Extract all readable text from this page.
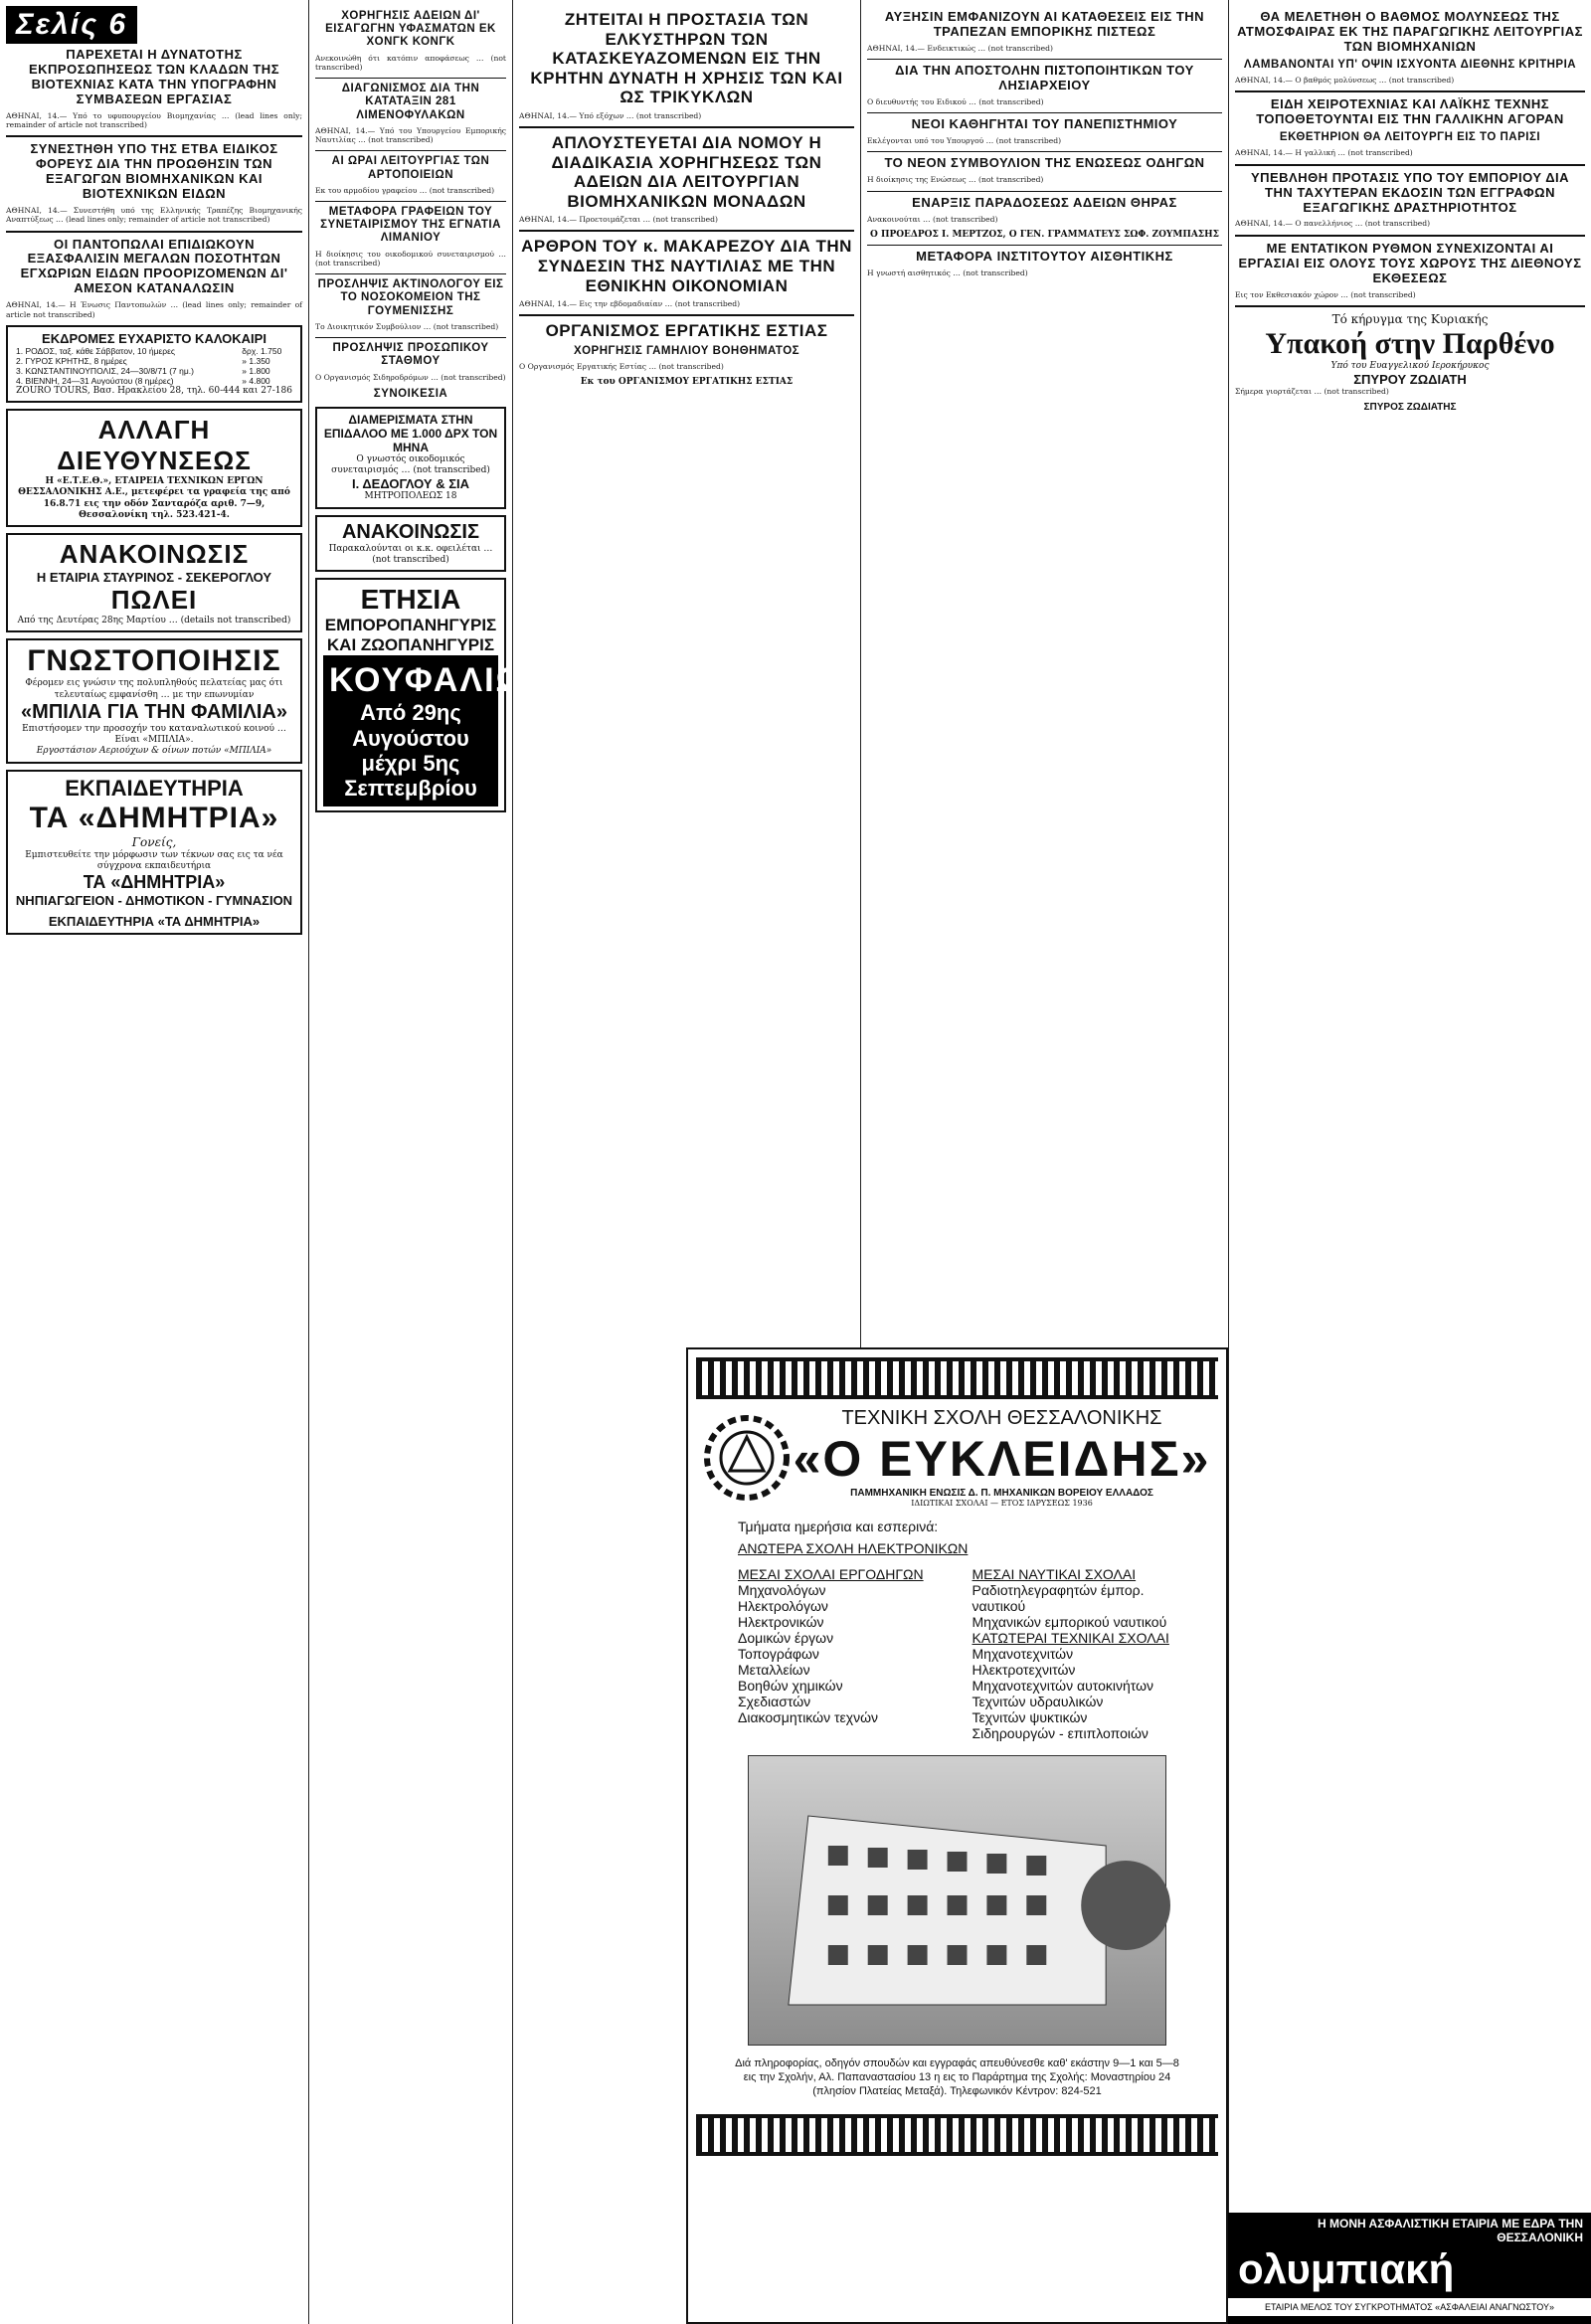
Σελίς 6
ΠΑΡΕΧΕΤΑΙ Η ΔΥΝΑΤΟΤΗΣ ΕΚΠΡΟΣΩΠΗΣΕΩΣ ΤΩΝ ΚΛΑΔΩΝ ΤΗΣ ΒΙΟΤΕΧΝΙΑΣ ΚΑΤΑ ΤΗΝ ΥΠΟΓΡΑΦΗΝ ΣΥΜΒΑΣΕΩΝ ΕΡΓΑΣΙΑΣ

ΑΘΗΝΑΙ, 14.— Υπό το υφυπουργείου Βιομηχανίας … (lead lines only; remainder of article not transcribed)

ΣΥΝΕΣΤΗΘΗ ΥΠΟ ΤΗΣ ΕΤΒΑ ΕΙΔΙΚΟΣ ΦΟΡΕΥΣ ΔΙΑ ΤΗΝ ΠΡΟΩΘΗΣΙΝ ΤΩΝ ΕΞΑΓΩΓΩΝ ΒΙΟΜΗΧΑΝΙΚΩΝ ΚΑΙ ΒΙΟΤΕΧΝΙΚΩΝ ΕΙΔΩΝ

ΑΘΗΝΑΙ, 14.— Συνεστήθη υπό της Ελληνικής Τραπέζης Βιομηχανικής Αναπτύξεως … (lead lines only; remainder of article not transcribed)

ΟΙ ΠΑΝΤΟΠΩΛΑΙ ΕΠΙΔΙΩΚΟΥΝ ΕΞΑΣΦΑΛΙΣΙΝ ΜΕΓΑΛΩΝ ΠΟΣΟΤΗΤΩΝ ΕΓΧΩΡΙΩΝ ΕΙΔΩΝ ΠΡΟΟΡΙΖΟΜΕΝΩΝ ΔΙ' ΑΜΕΣΟΝ ΚΑΤΑΝΑΛΩΣΙΝ

ΑΘΗΝΑΙ, 14.— Η Ένωσις Παντοπωλών … (lead lines only; remainder of article not transcribed)

ΕΚΔΡΟΜΕΣ ΕΥΧΑΡΙΣΤΟ ΚΑΛΟΚΑΙΡΙ
1. ΡΟΔΟΣ, ταξ. κάθε Σάββατον, 10 ήμερες	δρχ. 1.750
2. ΓΥΡΟΣ ΚΡΗΤΗΣ, 8 ημέρες	» 1.350
3. ΚΩΝΣΤΑΝΤΙΝΟΥΠΟΛΙΣ, 24—30/8/71 (7 ημ.)	» 1.800
4. ΒΙΕΝΝΗ, 24—31 Αυγούστου (8 ημέρες)	» 4.800
ZOURO TOURS, Βασ. Ηρακλείου 28, τηλ. 60-444 και 27-186
ΑΛΛΑΓΗ ΔΙΕΥΘΥΝΣΕΩΣ
Η «Ε.Τ.Ε.Θ.», ΕΤΑΙΡΕΙΑ ΤΕΧΝΙΚΩΝ ΕΡΓΩΝ ΘΕΣΣΑΛΟΝΙΚΗΣ Α.Ε., μετεφέρει τα γραφεία της από 16.8.71 εις την οδόν Σανταρόζα αριθ. 7—9, Θεσσαλονίκη τηλ. 523.421-4.
ΑΝΑΚΟΙΝΩΣΙΣ
Η ΕΤΑΙΡΙΑ ΣΤΑΥΡΙΝΟΣ - ΣΕΚΕΡΟΓΛΟΥ
ΠΩΛΕΙ
Από της Δευτέρας 28ης Μαρτίου … (details not transcribed)
ΓΝΩΣΤΟΠΟΙΗΣΙΣ
Φέρομεν εις γνώσιν της πολυπληθούς πελατείας μας ότι τελευταίως εμφανίσθη … με την επωνυμίαν
«ΜΠΙΛΙΑ ΓΙΑ ΤΗΝ ΦΑΜΙΛΙΑ»
Επιστήσομεν την προσοχήν του καταναλωτικού κοινού … Είναι «ΜΠΙΛΙΑ».
Εργοστάσιον Αεριούχων & οίνων ποτών «ΜΠΙΛΙΑ»
ΕΚΠΑΙΔΕΥΤΗΡΙΑ
ΤΑ «ΔΗΜΗΤΡΙΑ»
Γονείς,
Εμπιστευθείτε την μόρφωσιν των τέκνων σας εις τα νέα σύγχρονα εκπαιδευτήρια
ΤΑ «ΔΗΜΗΤΡΙΑ»
ΝΗΠΙΑΓΩΓΕΙΟΝ - ΔΗΜΟΤΙΚΟΝ - ΓΥΜΝΑΣΙΟΝ
ΕΚΠΑΙΔΕΥΤΗΡΙΑ «ΤΑ ΔΗΜΗΤΡΙΑ»
ΧΟΡΗΓΗΣΙΣ ΑΔΕΙΩΝ ΔΙ' ΕΙΣΑΓΩΓΗΝ ΥΦΑΣΜΑΤΩΝ ΕΚ ΧΟΝΓΚ ΚΟΝΓΚ

Ανεκοινώθη ότι κατόπιν αποφάσεως … (not transcribed)

ΔΙΑΓΩΝΙΣΜΟΣ ΔΙΑ ΤΗΝ ΚΑΤΑΤΑΞΙΝ 281 ΛΙΜΕΝΟΦΥΛΑΚΩΝ

ΑΘΗΝΑΙ, 14.— Υπό του Υπουργείου Εμπορικής Ναυτιλίας … (not transcribed)

ΑΙ ΩΡΑΙ ΛΕΙΤΟΥΡΓΙΑΣ ΤΩΝ ΑΡΤΟΠΟΙΕΙΩΝ

Εκ του αρμοδίου γραφείου … (not transcribed)

ΜΕΤΑΦΟΡΑ ΓΡΑΦΕΙΩΝ ΤΟΥ ΣΥΝΕΤΑΙΡΙΣΜΟΥ ΤΗΣ ΕΓΝΑΤΙΑ ΛΙΜΑΝΙΟΥ

Η διοίκησις του οικοδομικού συνεταιρισμού … (not transcribed)

ΠΡΟΣΛΗΨΙΣ ΑΚΤΙΝΟΛΟΓΟΥ ΕΙΣ ΤΟ ΝΟΣΟΚΟΜΕΙΟΝ ΤΗΣ ΓΟΥΜΕΝΙΣΣΗΣ

Το Διοικητικόν Συμβούλιον … (not transcribed)

ΠΡΟΣΛΗΨΙΣ ΠΡΟΣΩΠΙΚΟΥ ΣΤΑΘΜΟΥ

Ο Οργανισμός Σιδηροδρόμων … (not transcribed)

ΣΥΝΟΙΚΕΣΙΑ
ΔΙΑΜΕΡΙΣΜΑΤΑ ΣΤΗΝ ΕΠΙΔΑΛΟΟ ΜΕ 1.000 ΔΡΧ ΤΟΝ ΜΗΝΑ
Ο γνωστός οικοδομικός συνεταιρισμός … (not transcribed)
Ι. ΔΕΔΟΓΛΟΥ & ΣΙΑ
ΜΗΤΡΟΠΟΛΕΩΣ 18
ΑΝΑΚΟΙΝΩΣΙΣ
Παρακαλούνται οι κ.κ. οφειλέται … (not transcribed)
ΕΤΗΣΙΑ
ΕΜΠΟΡΟΠΑΝΗΓΥΡΙΣ ΚΑΙ ΖΩΟΠΑΝΗΓΥΡΙΣ
ΚΟΥΦΑΛΙΩΝ
Από 29ης Αυγούστου μέχρι 5ης Σεπτεμβρίου
ΖΗΤΕΙΤΑΙ Η ΠΡΟΣΤΑΣΙΑ ΤΩΝ ΕΛΚΥΣΤΗΡΩΝ ΤΩΝ ΚΑΤΑΣΚΕΥΑΖΟΜΕΝΩΝ ΕΙΣ ΤΗΝ ΚΡΗΤΗΝ ΔΥΝΑΤΗ Η ΧΡΗΣΙΣ ΤΩΝ ΚΑΙ ΩΣ ΤΡΙΚΥΚΛΩΝ

ΑΘΗΝΑΙ, 14.— Υπό εξόχων … (not transcribed)

ΑΠΛΟΥΣΤΕΥΕΤΑΙ ΔΙΑ ΝΟΜΟΥ Η ΔΙΑΔΙΚΑΣΙΑ ΧΟΡΗΓΗΣΕΩΣ ΤΩΝ ΑΔΕΙΩΝ ΔΙΑ ΛΕΙΤΟΥΡΓΙΑΝ ΒΙΟΜΗΧΑΝΙΚΩΝ ΜΟΝΑΔΩΝ

ΑΘΗΝΑΙ, 14.— Προετοιμάζεται … (not transcribed)

ΑΡΘΡΟΝ ΤΟΥ κ. ΜΑΚΑΡΕΖΟΥ ΔΙΑ ΤΗΝ ΣΥΝΔΕΣΙΝ ΤΗΣ ΝΑΥΤΙΛΙΑΣ ΜΕ ΤΗΝ ΕΘΝΙΚΗΝ ΟΙΚΟΝΟΜΙΑΝ

ΑΘΗΝΑΙ, 14.— Εις την εβδομαδιαίαν … (not transcribed)

ΟΡΓΑΝΙΣΜΟΣ ΕΡΓΑΤΙΚΗΣ ΕΣΤΙΑΣ
ΧΟΡΗΓΗΣΙΣ ΓΑΜΗΛΙΟΥ ΒΟΗΘΗΜΑΤΟΣ

Ο Οργανισμός Εργατικής Εστίας … (not transcribed)

Εκ του ΟΡΓΑΝΙΣΜΟΥ ΕΡΓΑΤΙΚΗΣ ΕΣΤΙΑΣ
ΑΥΞΗΣΙΝ ΕΜΦΑΝΙΖΟΥΝ ΑΙ ΚΑΤΑΘΕΣΕΙΣ ΕΙΣ ΤΗΝ ΤΡΑΠΕΖΑΝ ΕΜΠΟΡΙΚΗΣ ΠΙΣΤΕΩΣ

ΑΘΗΝΑΙ, 14.— Ενδεικτικώς … (not transcribed)

ΔΙΑ ΤΗΝ ΑΠΟΣΤΟΛΗΝ ΠΙΣΤΟΠΟΙΗΤΙΚΩΝ ΤΟΥ ΛΗΣΙΑΡΧΕΙΟΥ

Ο διευθυντής του Ειδικού … (not transcribed)

ΝΕΟΙ ΚΑΘΗΓΗΤΑΙ ΤΟΥ ΠΑΝΕΠΙΣΤΗΜΙΟΥ

Εκλέγονται υπό του Υπουργού … (not transcribed)

ΤΟ ΝΕΟΝ ΣΥΜΒΟΥΛΙΟΝ ΤΗΣ ΕΝΩΣΕΩΣ ΟΔΗΓΩΝ

Η διοίκησις της Ενώσεως … (not transcribed)

ΕΝΑΡΞΙΣ ΠΑΡΑΔΟΣΕΩΣ ΑΔΕΙΩΝ ΘΗΡΑΣ

Ανακοινούται … (not transcribed)

Ο ΠΡΟΕΔΡΟΣ Ι. ΜΕΡΤΖΟΣ, Ο ΓΕΝ. ΓΡΑΜΜΑΤΕΥΣ ΣΩΦ. ΖΟΥΜΠΑΣΗΣ
ΜΕΤΑΦΟΡΑ ΙΝΣΤΙΤΟΥΤΟΥ ΑΙΣΘΗΤΙΚΗΣ

Η γνωστή αισθητικός … (not transcribed)

ΘΑ ΜΕΛΕΤΗΘΗ Ο ΒΑΘΜΟΣ ΜΟΛΥΝΣΕΩΣ ΤΗΣ ΑΤΜΟΣΦΑΙΡΑΣ ΕΚ ΤΗΣ ΠΑΡΑΓΩΓΙΚΗΣ ΛΕΙΤΟΥΡΓΙΑΣ ΤΩΝ ΒΙΟΜΗΧΑΝΙΩΝ
ΛΑΜΒΑΝΟΝΤΑΙ ΥΠ' ΟΨΙΝ ΙΣΧΥΟΝΤΑ ΔΙΕΘΝΗΣ ΚΡΙΤΗΡΙΑ

ΑΘΗΝΑΙ, 14.— Ο βαθμός μολύνσεως … (not transcribed)

ΕΙΔΗ ΧΕΙΡΟΤΕΧΝΙΑΣ ΚΑΙ ΛΑΪΚΗΣ ΤΕΧΝΗΣ ΤΟΠΟΘΕΤΟΥΝΤΑΙ ΕΙΣ ΤΗΝ ΓΑΛΛΙΚΗΝ ΑΓΟΡΑΝ
ΕΚΘΕΤΗΡΙΟΝ ΘΑ ΛΕΙΤΟΥΡΓΗ ΕΙΣ ΤΟ ΠΑΡΙΣΙ

ΑΘΗΝΑΙ, 14.— Η γαλλική … (not transcribed)

ΥΠΕΒΛΗΘΗ ΠΡΟΤΑΣΙΣ ΥΠΟ ΤΟΥ ΕΜΠΟΡΙΟΥ ΔΙΑ ΤΗΝ ΤΑΧΥΤΕΡΑΝ ΕΚΔΟΣΙΝ ΤΩΝ ΕΓΓΡΑΦΩΝ ΕΞΑΓΩΓΙΚΗΣ ΔΡΑΣΤΗΡΙΟΤΗΤΟΣ

ΑΘΗΝΑΙ, 14.— Ο πανελλήνιος … (not transcribed)

ΜΕ ΕΝΤΑΤΙΚΟΝ ΡΥΘΜΟΝ ΣΥΝΕΧΙΖΟΝΤΑΙ ΑΙ ΕΡΓΑΣΙΑΙ ΕΙΣ ΟΛΟΥΣ ΤΟΥΣ ΧΩΡΟΥΣ ΤΗΣ ΔΙΕΘΝΟΥΣ ΕΚΘΕΣΕΩΣ

Εις τον Εκθεσιακόν χώρον … (not transcribed)

Τό κήρυγμα της Κυριακής
Υπακοή στην Παρθένο
Υπό του Ευαγγελικού Ιεροκήρυκος
ΣΠΥΡΟΥ ΖΩΔΙΑΤΗ

Σήμερα γιορτάζεται … (not transcribed)

ΣΠΥΡΟΣ ΖΩΔΙΑΤΗΣ
ΤΕΧΝΙΚΗ ΣΧΟΛΗ ΘΕΣΣΑΛΟΝΙΚΗΣ
«Ο ΕΥΚΛΕΙΔΗΣ»
ΠΑΜΜΗΧΑΝΙΚΗ ΕΝΩΣΙΣ Δ. Π. ΜΗΧΑΝΙΚΩΝ ΒΟΡΕΙΟΥ ΕΛΛΑΔΟΣ
ΙΔΙΩΤΙΚΑΙ ΣΧΟΛΑΙ — ΕΤΟΣ ΙΔΡΥΣΕΩΣ 1936
Τμήματα ημερήσια και εσπερινά:
ΑΝΩΤΕΡΑ ΣΧΟΛΗ ΗΛΕΚΤΡΟΝΙΚΩΝ
ΜΕΣΑΙ ΣΧΟΛΑΙ ΕΡΓΟΔΗΓΩΝ
Μηχανολόγων
Ηλεκτρολόγων
Ηλεκτρονικών
Δομικών έργων
Τοπογράφων
Μεταλλείων
Βοηθών χημικών
Σχεδιαστών
Διακοσμητικών τεχνών
ΜΕΣΑΙ ΝΑΥΤΙΚΑΙ ΣΧΟΛΑΙ
Ραδιοτηλεγραφητών έμπορ. ναυτικού
Μηχανικών εμπορικού ναυτικού
ΚΑΤΩΤΕΡΑΙ ΤΕΧΝΙΚΑΙ ΣΧΟΛΑΙ
Μηχανοτεχνιτών
Ηλεκτροτεχνιτών
Μηχανοτεχνιτών αυτοκινήτων
Τεχνιτών υδραυλικών
Τεχνιτών ψυκτικών
Σιδηρουργών - επιπλοποιών
Διά πληροφορίας, οδηγόν σπουδών και εγγραφάς απευθύνεσθε καθ' εκάστην 9—1 και 5—8 εις την Σχολήν, Αλ. Παπαναστασίου 13 η εις το Παράρτημα της Σχολής: Μοναστηρίου 24 (πλησίον Πλατείας Μεταξά). Τηλεφωνικόν Κέντρον: 824-521
Η ΜΟΝΗ ΑΣΦΑΛΙΣΤΙΚΗ ΕΤΑΙΡΙΑ ΜΕ ΕΔΡΑ ΤΗΝ ΘΕΣΣΑΛΟΝΙΚΗ
ολυμπιακή
ΕΤΑΙΡΙΑ ΜΕΛΟΣ ΤΟΥ ΣΥΓΚΡΟΤΗΜΑΤΟΣ «ΑΣΦΑΛΕΙΑΙ ΑΝΑΓΝΩΣΤΟΥ»
